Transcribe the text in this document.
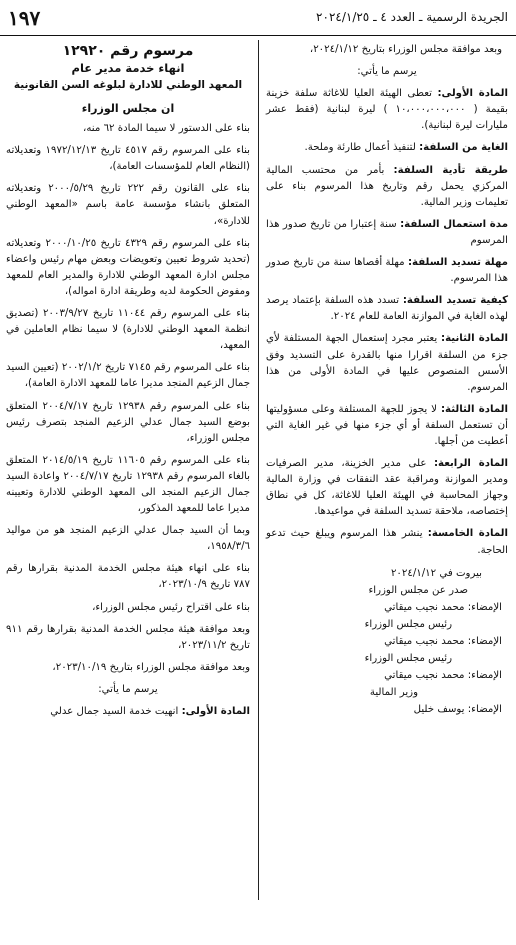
١٩٧	الجريدة الرسمية ـ العدد ٤ ـ ٢٠٢٤/١/٢٥

وبعد موافقة مجلس الوزراء بتاريخ ٢٠٢٤/١/١٢،

يرسم ما يأتي:

المادة الأولى: تعطى الهيئة العليا للاغاثة سلفة خزينة بقيمة ( ١٠،٠٠٠،٠٠٠،٠٠٠ ) ليرة لبنانية (فقط عشر مليارات ليرة لبنانية).

الغاية من السلفة: لتنفيذ أعمال طارئة وملحة.

طريقة تأدية السلفة: بأمر من محتسب المالية المركزي يحمل رقم وتاريخ هذا المرسوم بناء على تعليمات وزير المالية.

مدة استعمال السلفة: سنة إعتبارا من تاريخ صدور هذا المرسوم

مهلة تسديد السلفة: مهلة أقصاها سنة من تاريخ صدور هذا المرسوم.

كيفية تسديد السلفة: تسدد هذه السلفة بإعتماد يرصد لهذه الغاية في الموازنة العامة للعام ٢٠٢٤.

المادة الثانية: يعتبر مجرد إستعمال الجهة المستلفة لأي جزء من السلفة اقرارا منها بالقدرة على التسديد وفق الأسس المنصوص عليها في المادة الأولى من هذا المرسوم.

المادة الثالثة: لا يجوز للجهة المستلفة وعلى مسؤوليتها أن تستعمل السلفة أو أي جزء منها في غير الغاية التي أعطيت من أجلها.

المادة الرابعة: على مدير الخزينة، مدير الصرفيات ومدير الموازنة ومراقبة عقد النفقات في وزارة المالية وجهاز المحاسبة في الهيئة العليا للاغاثة، كل في نطاق إختصاصه، ملاحقة تسديد السلفة في مواعيدها.

المادة الخامسة: ينشر هذا المرسوم ويبلغ حيث تدعو الحاجة.

بيروت في ٢٠٢٤/١/١٢
صدر عن مجلس الوزراء
الإمضاء: محمد نجيب ميقاتي
رئيس مجلس الوزراء
الإمضاء: محمد نجيب ميقاتي
رئيس مجلس الوزراء
الإمضاء: محمد نجيب ميقاتي
وزير المالية
الإمضاء: يوسف خليل
مرسوم رقم ١٢٩٢٠
انهاء خدمة مدير عام
المعهد الوطني للادارة لبلوغه السن القانونية
ان مجلس الوزراء

بناء على الدستور لا سيما المادة ٦٢ منه،

بناء على المرسوم رقم ٤٥١٧ تاريخ ١٩٧٢/١٢/١٣ وتعديلاته (النظام العام للمؤسسات العامة)،

بناء على القانون رقم ٢٢٢ تاريخ ٢٠٠٠/٥/٢٩ وتعديلاته المتعلق بانشاء مؤسسة عامة باسم «المعهد الوطني للادارة»،

بناء على المرسوم رقم ٤٣٢٩ تاريخ ٢٠٠٠/١٠/٢٥ وتعديلاته (تحديد شروط تعيين وتعويضات وبعض مهام رئيس واعضاء مجلس ادارة المعهد الوطني للادارة والمدير العام للمعهد ومفوض الحكومة لديه وطريقة ادارة امواله)،

بناء على المرسوم رقم ١١٠٤٤ تاريخ ٢٠٠٣/٩/٢٧ (تصديق انظمة المعهد الوطني للادارة) لا سيما نظام العاملين في المعهد،

بناء على المرسوم رقم ٧١٤٥ تاريخ ٢٠٠٢/١/٢ (تعيين السيد جمال الزعيم المنجد مديرا عاما للمعهد الادارة العامة)،

بناء على المرسوم رقم ١٢٩٣٨ تاريخ ٢٠٠٤/٧/١٧ المتعلق بوضع السيد جمال عدلي الزعيم المنجد بتصرف رئيس مجلس الوزراء،

بناء على المرسوم رقم ١١٦٠٥ تاريخ ٢٠١٤/٥/١٩ المتعلق بالغاء المرسوم رقم ١٢٩٣٨ تاريخ ٢٠٠٤/٧/١٧ واعادة السيد جمال الزعيم المنجد الى المعهد الوطني للادارة وتعيينه مديرا عاما للمعهد المذكور،

وبما أن السيد جمال عدلي الزعيم المنجد هو من مواليد ١٩٥٨/٣/٦،

بناء على انهاء هيئة مجلس الخدمة المدنية بقرارها رقم ٧٨٧ تاريخ ٢٠٢٣/١٠/٩،

بناء على اقتراح رئيس مجلس الوزراء،

وبعد موافقة هيئة مجلس الخدمة المدنية بقرارها رقم ٩١١ تاريخ ٢٠٢٣/١١/٢،

وبعد موافقة مجلس الوزراء بتاريخ ٢٠٢٣/١٠/١٩،

يرسم ما يأتي:

المادة الأولى: انهيت خدمة السيد جمال عدلي
